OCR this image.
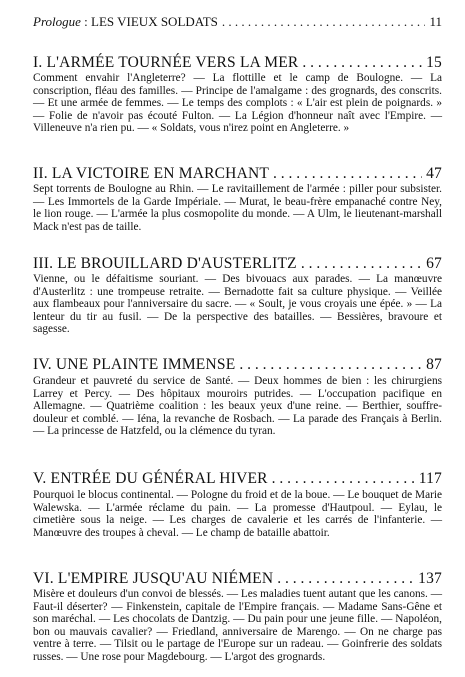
Prologue : LES VIEUX SOLDATS . . .	11
I. L'ARMÉE TOURNÉE VERS LA MER . . .	15
Comment envahir l'Angleterre? — La flottille et le camp de Boulogne. — La conscription, fléau des familles. — Principe de l'amalgame : des grognards, des conscrits. — Et une armée de femmes. — Le temps des complots : « L'air est plein de poignards. » — Folie de n'avoir pas écouté Fulton. — La Légion d'honneur naît avec l'Empire. — Villeneuve n'a rien pu. — « Soldats, vous n'irez point en Angleterre. »
II. LA VICTOIRE EN MARCHANT . . .	47
Sept torrents de Boulogne au Rhin. — Le ravitaillement de l'armée : piller pour subsister. — Les Immortels de la Garde Impériale. — Murat, le beau-frère empanaché contre Ney, le lion rouge. — L'armée la plus cosmopolite du monde. — A Ulm, le lieutenant-marshall Mack n'est pas de taille.
III. LE BROUILLARD D'AUSTERLITZ . . .	67
Vienne, ou le défaitisme souriant. — Des bivouacs aux parades. — La manœuvre d'Austerlitz : une trompeuse retraite. — Bernadotte fait sa culture physique. — Veillée aux flambeaux pour l'anniversaire du sacre. — « Soult, je vous croyais une épée. » — La lenteur du tir au fusil. — De la perspective des batailles. — Bessières, bravoure et sagesse.
IV. UNE PLAINTE IMMENSE . . .	87
Grandeur et pauvreté du service de Santé. — Deux hommes de bien : les chirurgiens Larrey et Percy. — Des hôpitaux mouroirs putrides. — L'occupation pacifique en Allemagne. — Quatrième coalition : les beaux yeux d'une reine. — Berthier, souffre-douleur et comblé. — Iéna, la revanche de Rosbach. — La parade des Français à Berlin. — La princesse de Hatzfeld, ou la clémence du tyran.
V. ENTRÉE DU GÉNÉRAL HIVER . . .	117
Pourquoi le blocus continental. — Pologne du froid et de la boue. — Le bouquet de Marie Walewska. — L'armée réclame du pain. — La promesse d'Hautpoul. — Eylau, le cimetière sous la neige. — Les charges de cavalerie et les carrés de l'infanterie. — Manœuvre des troupes à cheval. — Le champ de bataille abattoir.
VI. L'EMPIRE JUSQU'AU NIÉMEN . . .	137
Misère et douleurs d'un convoi de blessés. — Les maladies tuent autant que les canons. — Faut-il déserter? — Finkenstein, capitale de l'Empire français. — Madame Sans-Gêne et son maréchal. — Les chocolats de Dantzig. — Du pain pour une jeune fille. — Napoléon, bon ou mauvais cavalier? — Friedland, anniversaire de Marengo. — On ne charge pas ventre à terre. — Tilsit ou le partage de l'Europe sur un radeau. — Goinfrerie des soldats russes. — Une rose pour Magdebourg. — L'argot des grognards.
